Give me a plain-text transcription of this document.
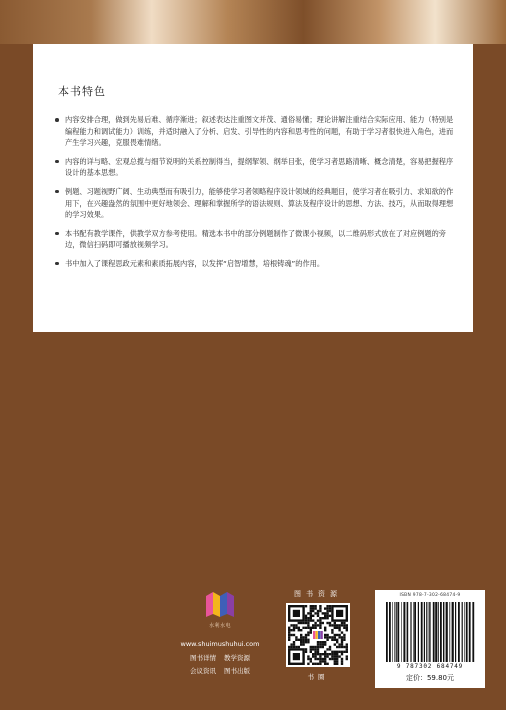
本书特色
内容安排合理，做到先易后难、循序渐进；叙述表达注重图文并茂、通俗易懂；理论讲解注重结合实际应用、能力（特别是编程能力和调试能力）训练，并适时融入了分析、启发、引导性的内容和思考性的问题，有助于学习者很快进入角色，进而产生学习兴趣，克服畏难情绪。
内容的详与略、宏观总揽与细节说明的关系控制得当，提纲挈领、纲举目张，使学习者思路清晰、概念清楚，容易把握程序设计的基本思想。
例题、习题视野广阔、生动典型而有吸引力，能够使学习者领略程序设计领域的经典题目，使学习者在吸引力、求知欲的作用下，在兴趣盎然的氛围中更好地领会、理解和掌握所学的语法规则、算法及程序设计的思想、方法、技巧，从而取得理想的学习效果。
本书配有教学课件，供教学双方参考使用。精选本书中的部分例题制作了微课小视频，以二维码形式放在了对应例题的旁边，微信扫码即可播放视频学习。
书中加入了课程思政元素和素质拓展内容，以发挥“启智增慧，培根铸魂”的作用。
水利水电
www.shuimushuhui.com
图书详情 教学资源
会议资讯 图书出版
图书资源
书圈
ISBN 978-7-302-68474-9
9 787302 684749
定价：59.80元
